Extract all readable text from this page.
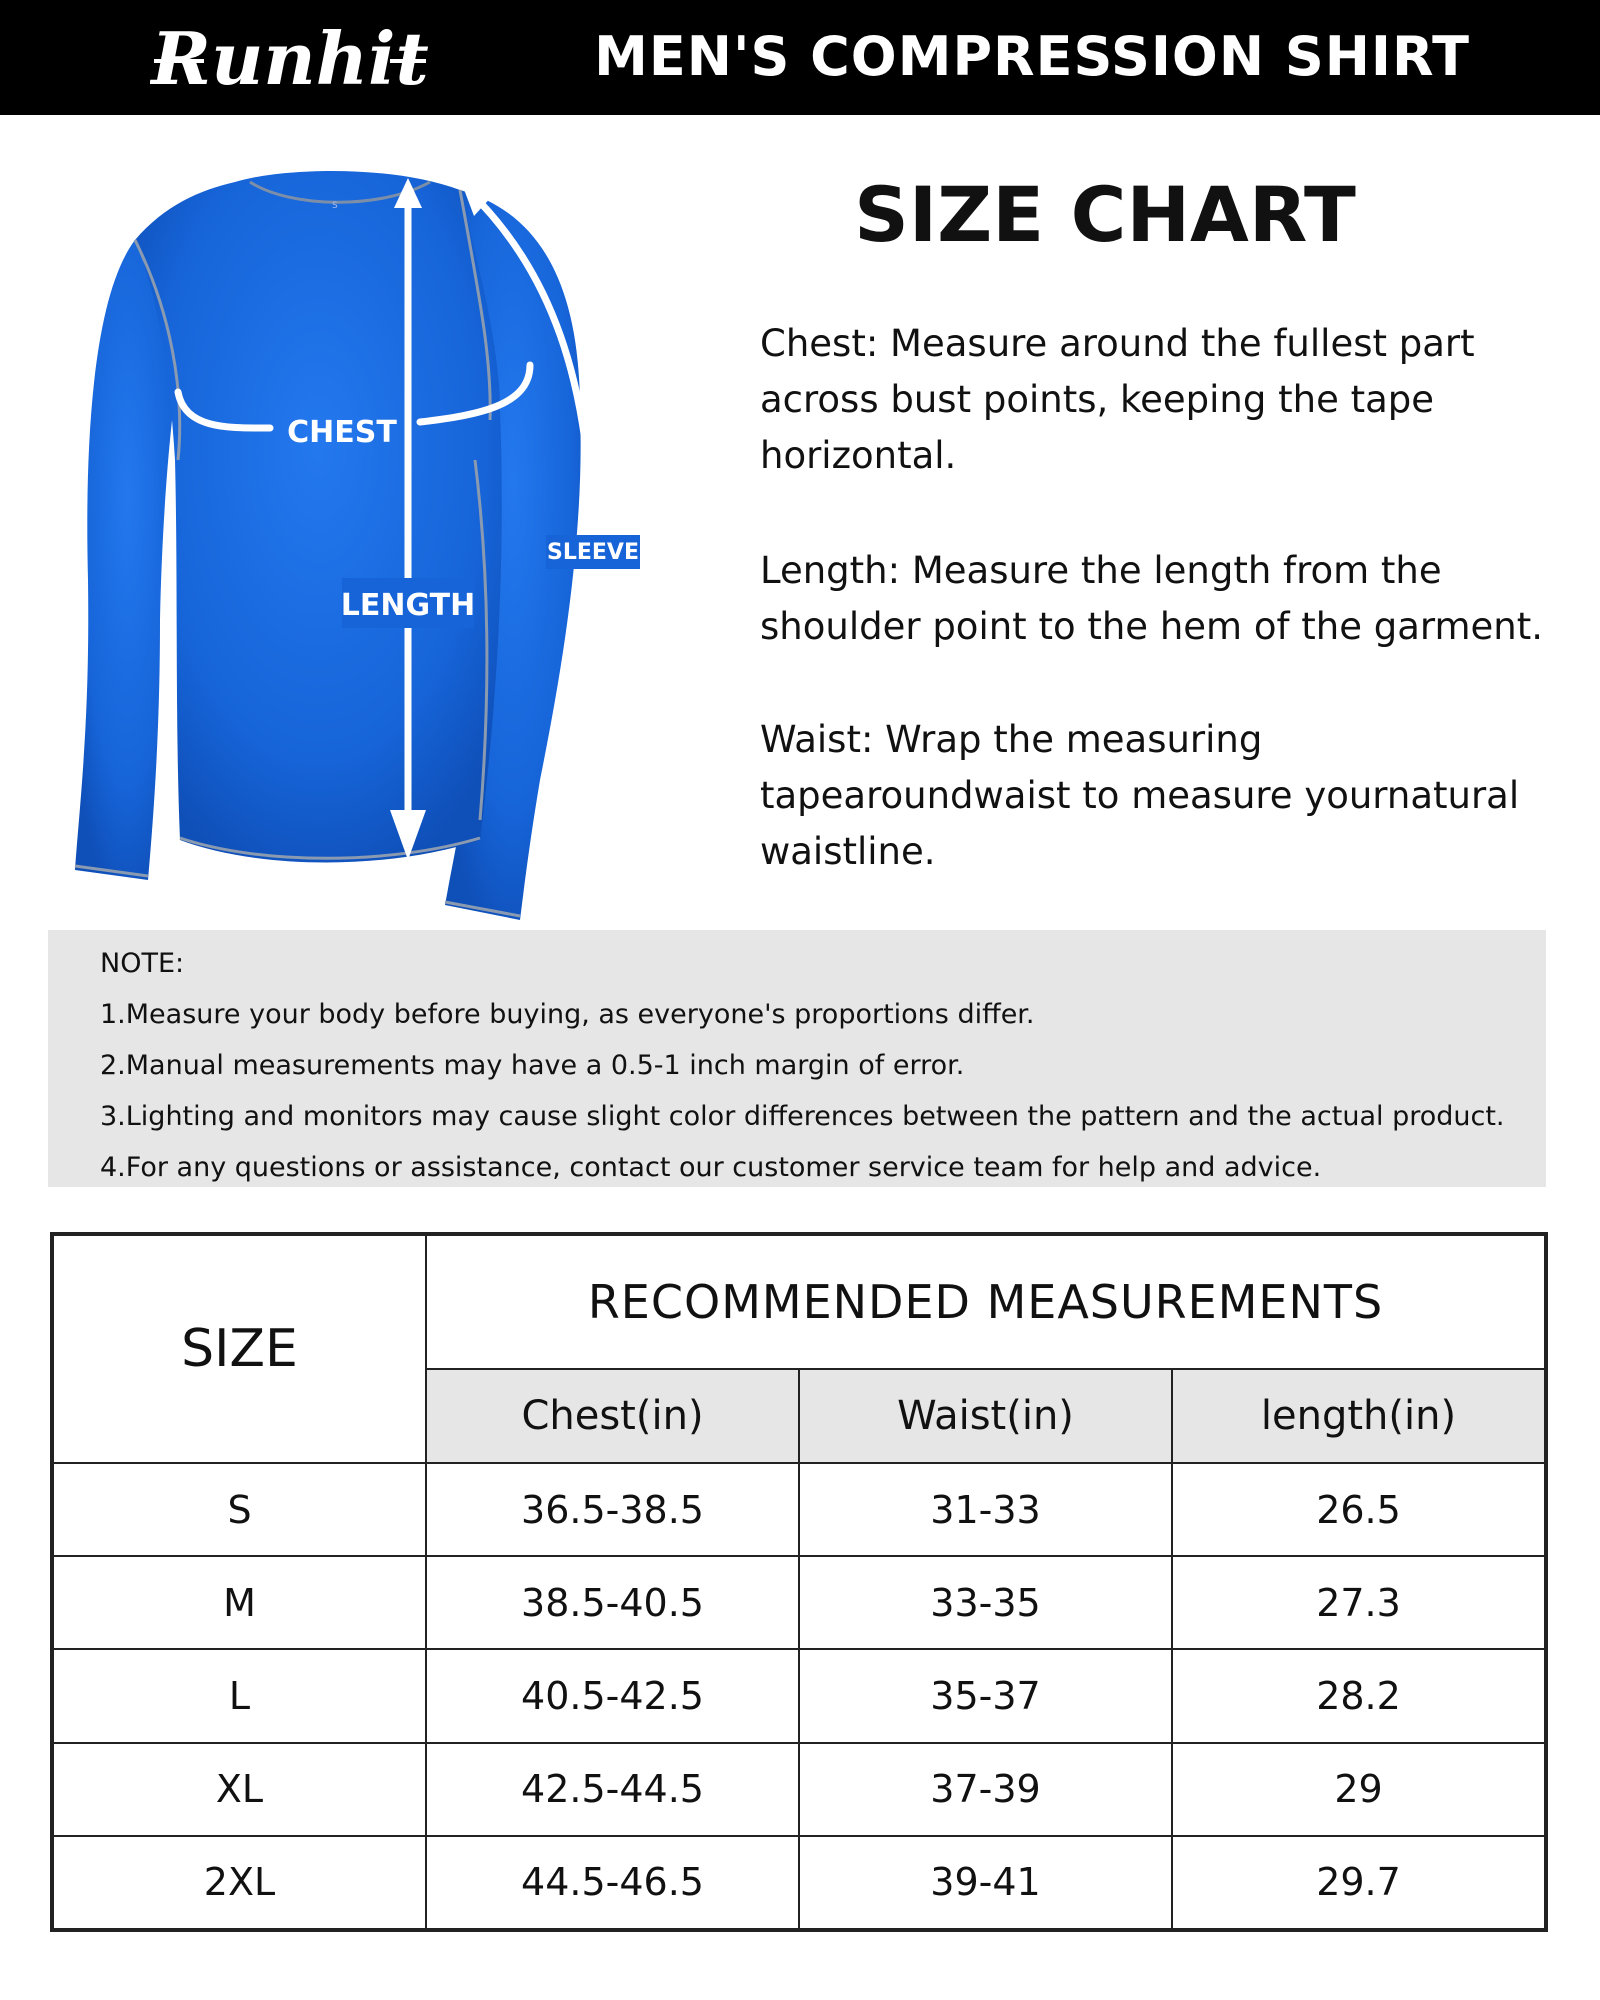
Runhit	MEN'S COMPRESSION SHIRT
S
CHEST
LENGTH
SLEEVE
SIZE CHART
Chest: Measure around the fullest part
across bust points, keeping the tape
horizontal.
Length: Measure the length from the
shoulder point to the hem of the garment.
Waist: Wrap the measuring
tapearoundwaist to measure yournatural
waistline.
NOTE:
1.Measure your body before buying, as everyone's proportions differ.
2.Manual measurements may have a 0.5-1 inch margin of error.
3.Lighting and monitors may cause slight color differences between the pattern and the actual product.
4.For any questions or assistance, contact our customer service team for help and advice.
SIZE	RECOMMENDED MEASUREMENTS		
	Chest(in)	Waist(in)	length(in)
S	36.5-38.5	31-33	26.5
M	38.5-40.5	33-35	27.3
L	40.5-42.5	35-37	28.2
XL	42.5-44.5	37-39	29
2XL	44.5-46.5	39-41	29.7
